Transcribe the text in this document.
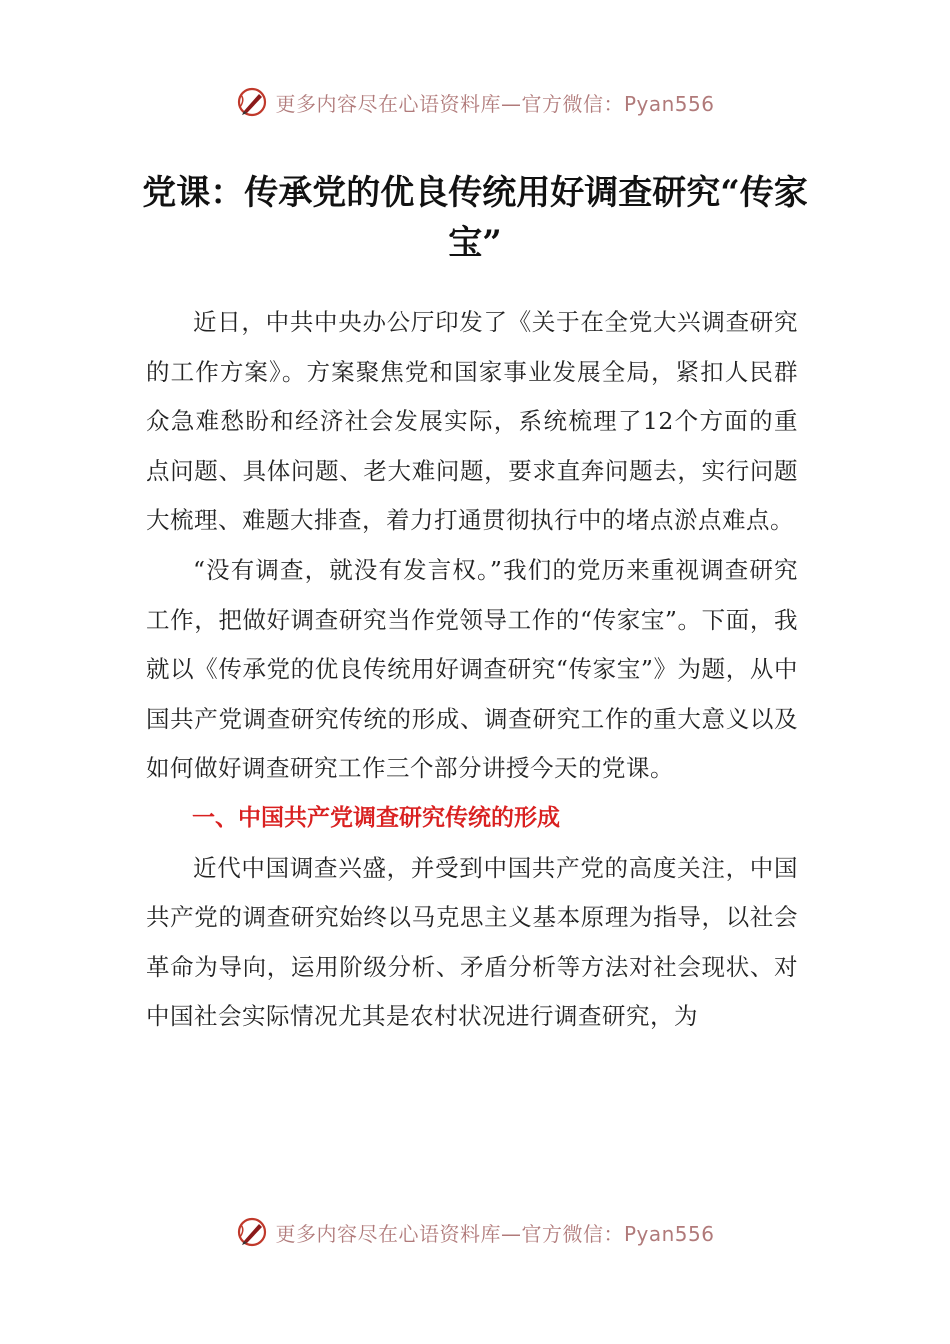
更多内容尽在心语资料库—官方微信：Pyan556
党课：传承党的优良传统用好调查研究“传家宝”

近日，中共中央办公厅印发了《关于在全党大兴调查研究的工作方案》。方案聚焦党和国家事业发展全局，紧扣人民群众急难愁盼和经济社会发展实际，系统梳理了12个方面的重点问题、具体问题、老大难问题，要求直奔问题去，实行问题大梳理、难题大排查，着力打通贯彻执行中的堵点淤点难点。

“没有调查，就没有发言权。”我们的党历来重视调查研究工作，把做好调查研究当作党领导工作的“传家宝”。下面，我就以《传承党的优良传统用好调查研究“传家宝”》为题，从中国共产党调查研究传统的形成、调查研究工作的重大意义以及如何做好调查研究工作三个部分讲授今天的党课。

一、中国共产党调查研究传统的形成

近代中国调查兴盛，并受到中国共产党的高度关注，中国共产党的调查研究始终以马克思主义基本原理为指导，以社会革命为导向，运用阶级分析、矛盾分析等方法对社会现状、对中国社会实际情况尤其是农村状况进行调查研究，为

更多内容尽在心语资料库—官方微信：Pyan556
